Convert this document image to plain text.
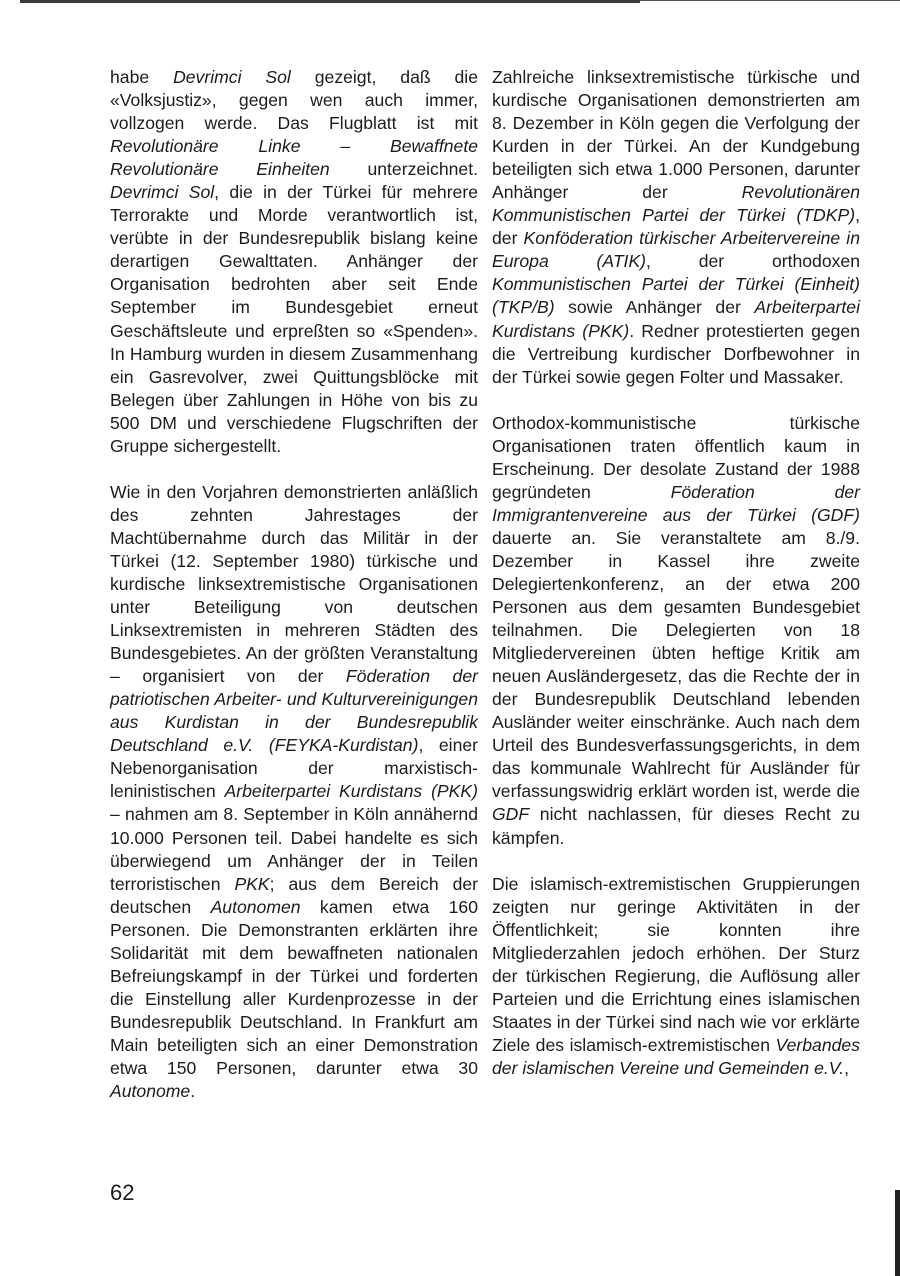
habe Devrimci Sol gezeigt, daß die «Volksjustiz», gegen wen auch immer, vollzogen werde. Das Flugblatt ist mit Revolutionäre Linke – Bewaffnete Revolutionäre Einheiten unterzeichnet. Devrimci Sol, die in der Türkei für mehrere Terrorakte und Morde verantwortlich ist, verübte in der Bundesrepublik bislang keine derartigen Gewalttaten. Anhänger der Organisation bedrohten aber seit Ende September im Bundesgebiet erneut Geschäftsleute und erpreßten so «Spenden». In Hamburg wurden in diesem Zusammenhang ein Gasrevolver, zwei Quittungsblöcke mit Belegen über Zahlungen in Höhe von bis zu 500 DM und verschiedene Flugschriften der Gruppe sichergestellt.

Wie in den Vorjahren demonstrierten anläßlich des zehnten Jahrestages der Machtübernahme durch das Militär in der Türkei (12. September 1980) türkische und kurdische linksextremistische Organisationen unter Beteiligung von deutschen Linksextremisten in mehreren Städten des Bundesgebietes. An der größten Veranstaltung – organisiert von der Föderation der patriotischen Arbeiter- und Kulturvereinigungen aus Kurdistan in der Bundesrepublik Deutschland e.V. (FEYKA-Kurdistan), einer Nebenorganisation der marxistisch-leninistischen Arbeiterpartei Kurdistans (PKK) – nahmen am 8. September in Köln annähernd 10.000 Personen teil. Dabei handelte es sich überwiegend um Anhänger der in Teilen terroristischen PKK; aus dem Bereich der deutschen Autonomen kamen etwa 160 Personen. Die Demonstranten erklärten ihre Solidarität mit dem bewaffneten nationalen Befreiungskampf in der Türkei und forderten die Einstellung aller Kurdenprozesse in der Bundesrepublik Deutschland. In Frankfurt am Main beteiligten sich an einer Demonstration etwa 150 Personen, darunter etwa 30 Autonome.

Zahlreiche linksextremistische türkische und kurdische Organisationen demonstrierten am 8. Dezember in Köln gegen die Verfolgung der Kurden in der Türkei. An der Kundgebung beteiligten sich etwa 1.000 Personen, darunter Anhänger der Revolutionären Kommunistischen Partei der Türkei (TDKP), der Konföderation türkischer Arbeitervereine in Europa (ATIK), der orthodoxen Kommunistischen Partei der Türkei (Einheit) (TKP/B) sowie Anhänger der Arbeiterpartei Kurdistans (PKK). Redner protestierten gegen die Vertreibung kurdischer Dorfbewohner in der Türkei sowie gegen Folter und Massaker.

Orthodox-kommunistische türkische Organisationen traten öffentlich kaum in Erscheinung. Der desolate Zustand der 1988 gegründeten Föderation der Immigrantenvereine aus der Türkei (GDF) dauerte an. Sie veranstaltete am 8./9. Dezember in Kassel ihre zweite Delegiertenkonferenz, an der etwa 200 Personen aus dem gesamten Bundesgebiet teilnahmen. Die Delegierten von 18 Mitgliedervereinen übten heftige Kritik am neuen Ausländergesetz, das die Rechte der in der Bundesrepublik Deutschland lebenden Ausländer weiter einschränke. Auch nach dem Urteil des Bundesverfassungsgerichts, in dem das kommunale Wahlrecht für Ausländer für verfassungswidrig erklärt worden ist, werde die GDF nicht nachlassen, für dieses Recht zu kämpfen.

Die islamisch-extremistischen Gruppierungen zeigten nur geringe Aktivitäten in der Öffentlichkeit; sie konnten ihre Mitgliederzahlen jedoch erhöhen. Der Sturz der türkischen Regierung, die Auflösung aller Parteien und die Errichtung eines islamischen Staates in der Türkei sind nach wie vor erklärte Ziele des islamisch-extremistischen Verbandes der islamischen Vereine und Gemeinden e.V.,

62
